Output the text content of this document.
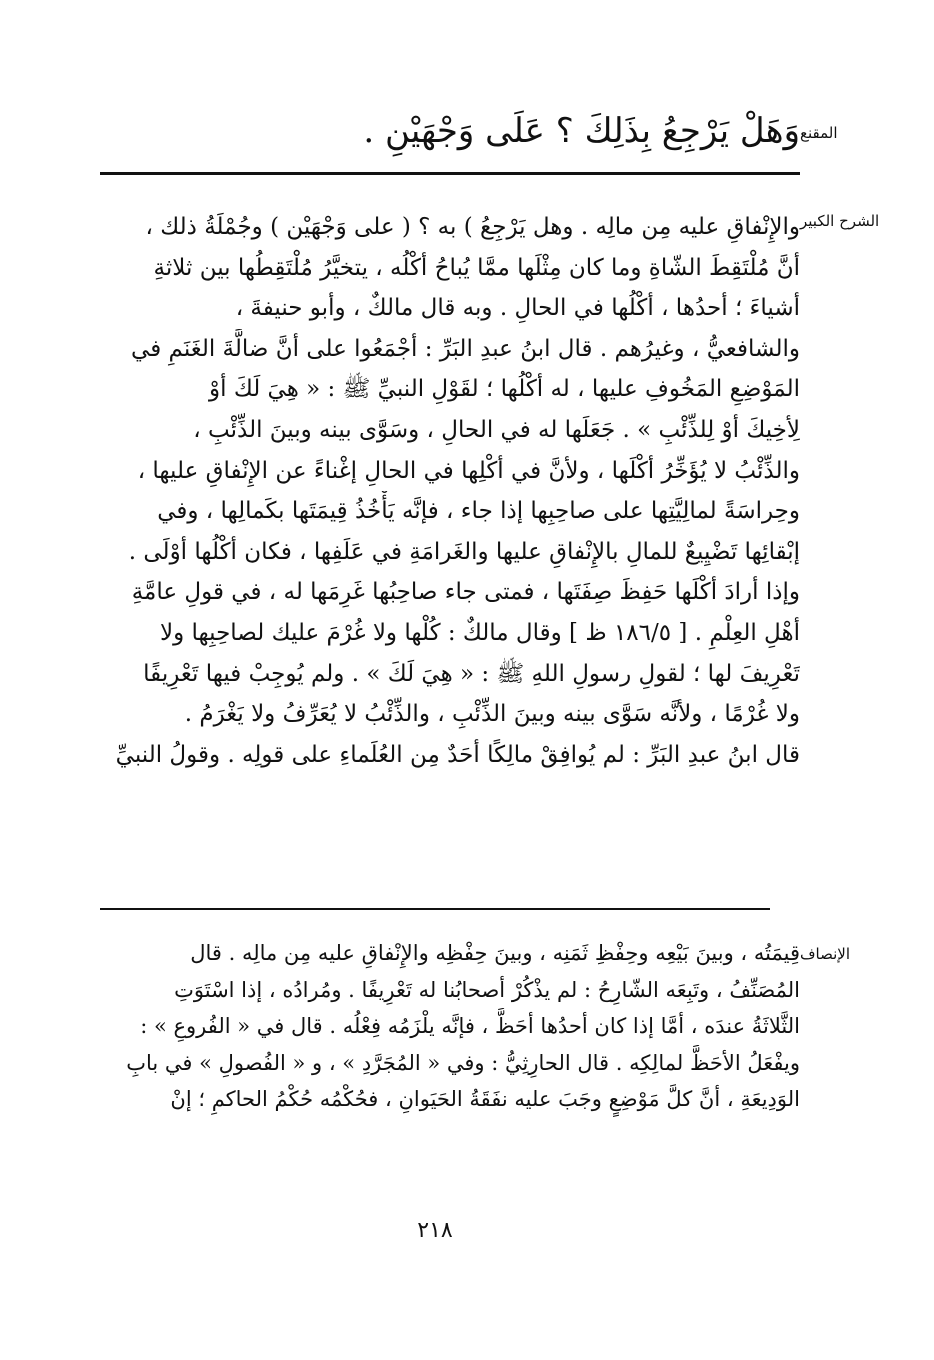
المقنع
وَهَلْ يَرْجِعُ بِذَلِكَ ؟ عَلَى وَجْهَيْنِ .
الشرح الكبير
والإِنْفاقِ عليه مِن مالِه . وهل يَرْجِعُ ) به ؟ ( على وَجْهَيْن ) وجُمْلَةُ ذلك ،
أنَّ مُلْتَقِطَ الشّاةِ وما كان مِثْلَها ممَّا يُباحُ أكْلُه ، يتخيَّرُ مُلْتَقِطُها بين ثلاثةِ
أشياءَ ؛ أحدُها ، أكْلُها في الحالِ . وبه قال مالكٌ ، وأبو حنيفةَ ،
والشافعيُّ ، وغيرُهم . قال ابنُ عبدِ البَرِّ : أجْمَعُوا على أنَّ ضالَّةَ الغَنَمِ في
المَوْضِعِ المَخُوفِ عليها ، له أكْلُها ؛ لقَوْلِ النبيِّ ﷺ : « هِيَ لَكَ أوْ
لِأخِيكَ أوْ لِلذِّئْبِ » . جَعَلَها له في الحالِ ، وسَوَّى بينه وبينَ الذِّئْبِ ،
والذِّئْبُ لا يُؤَخِّرُ أكْلَها ، ولأنَّ في أكْلِها في الحالِ إغْناءً عن الإِنْفاقِ عليها ،
وحِراسَةً لمالِيَّتِها على صاحِبِها إذا جاء ، فإنَّه يَأْخُذُ قِيمَتَها بكَمالِها ، وفي
إبْقائِها تَضْيِيعٌ للمالِ بالإِنْفاقِ عليها والغَرامَةِ في عَلَفِها ، فكان أكْلُها أوْلَى .
وإذا أرادَ أكْلَها حَفِظَ صِفَتَها ، فمتى جاء صاحِبُها غَرِمَها له ، في قولِ عامَّةِ
أهْلِ العِلْمِ . [ ١٨٦/٥ ظ ] وقال مالكٌ : كُلْها ولا غُرْمَ عليك لصاحِبِها ولا
تَعْرِيفَ لها ؛ لقولِ رسولِ اللهِ ﷺ : « هِيَ لَكَ » . ولم يُوجِبْ فيها تَعْرِيفًا
ولا غُرْمًا ، ولأنَّه سَوَّى بينه وبينَ الذِّئْبِ ، والذِّئْبُ لا يُعَرِّفُ ولا يَغْرَمُ .
قال ابنُ عبدِ البَرِّ : لم يُوافِقْ مالِكًا أحَدٌ مِن العُلَماءِ على قولِه . وقولُ النبيِّ
الإنصاف
قِيمَتُه ، وبينَ بَيْعِه وحِفْظِ ثَمَنِه ، وبينَ حِفْظِه والإِنْفاقِ عليه مِن مالِه . قال
المُصَنِّفُ ، وتَبِعَه الشّارِحُ : لم يذْكُرْ أصحابُنا له تَعْرِيفًا . ومُرادُه ، إذا اسْتَوَتِ
الثَّلاثَةُ عندَه ، أمَّا إذا كان أحدُها أحَظَّ ، فإنَّه يلْزَمُه فِعْلُه . قال في « الفُروعِ » :
ويفْعَلُ الأحَظَّ لمالِكِه . قال الحارِثِيُّ : وفي « المُجَرَّدِ » ، و « الفُصولِ » في بابِ
الوَدِيعَةِ ، أنَّ كلَّ مَوْضِعٍ وجَبَ عليه نفَقَةُ الحَيَوانِ ، فحُكْمُه حُكْمُ الحاكمِ ؛ إنْ
٢١٨
